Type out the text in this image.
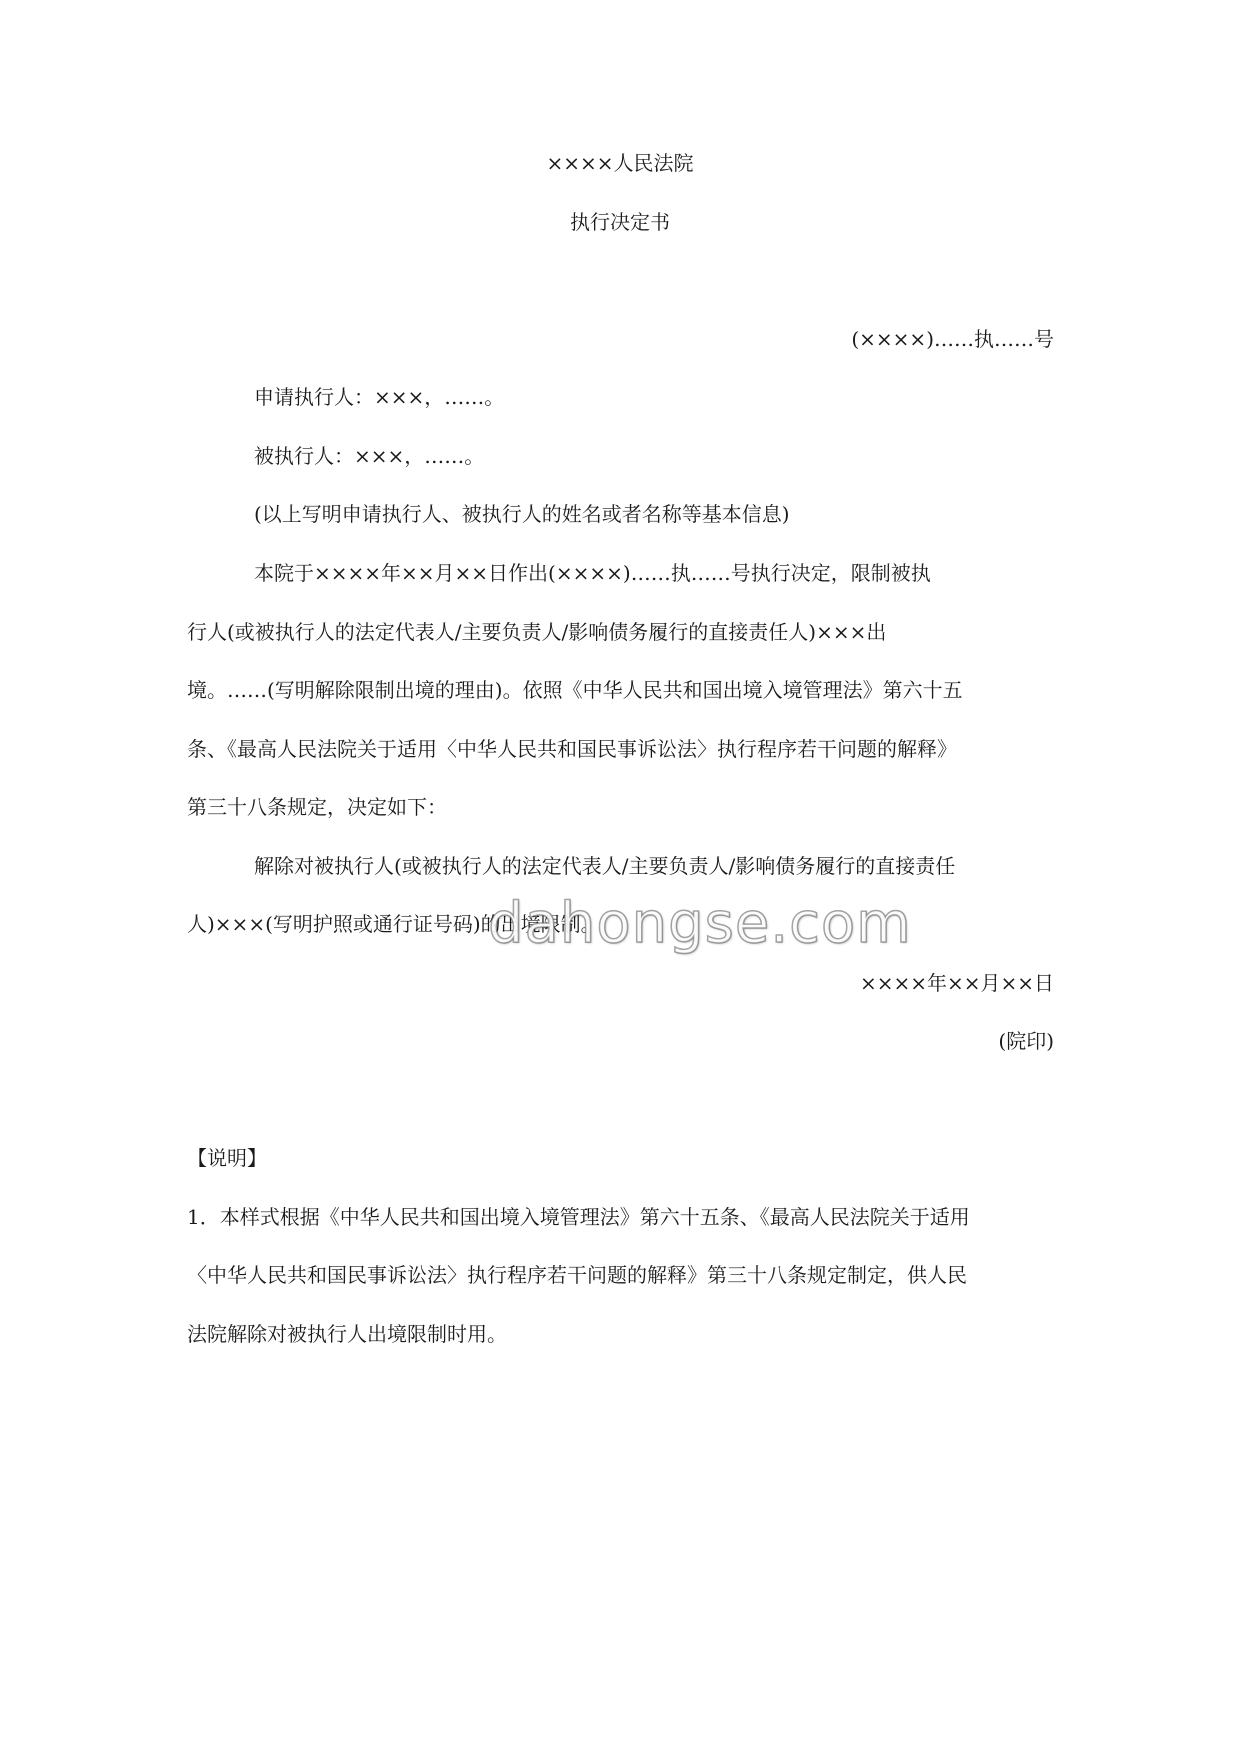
××××人民法院
执行决定书
(××××)……执……号
申请执行人：×××，……。
被执行人：×××，……。
(以上写明申请执行人、被执行人的姓名或者名称等基本信息)
本院于××××年××月××日作出(××××)……执……号执行决定，限制被执
行人(或被执行人的法定代表人/主要负责人/影响债务履行的直接责任人)×××出
境。……(写明解除限制出境的理由)。依照《中华人民共和国出境入境管理法》第六十五
条、《最高人民法院关于适用〈中华人民共和国民事诉讼法〉执行程序若干问题的解释》
第三十八条规定，决定如下：
解除对被执行人(或被执行人的法定代表人/主要负责人/影响债务履行的直接责任
人)×××(写明护照或通行证号码)的出境限制。
××××年××月××日
(院印)
【说明】
1．本样式根据《中华人民共和国出境入境管理法》第六十五条、《最高人民法院关于适用
〈中华人民共和国民事诉讼法〉执行程序若干问题的解释》第三十八条规定制定，供人民
法院解除对被执行人出境限制时用。
dahongse.com
